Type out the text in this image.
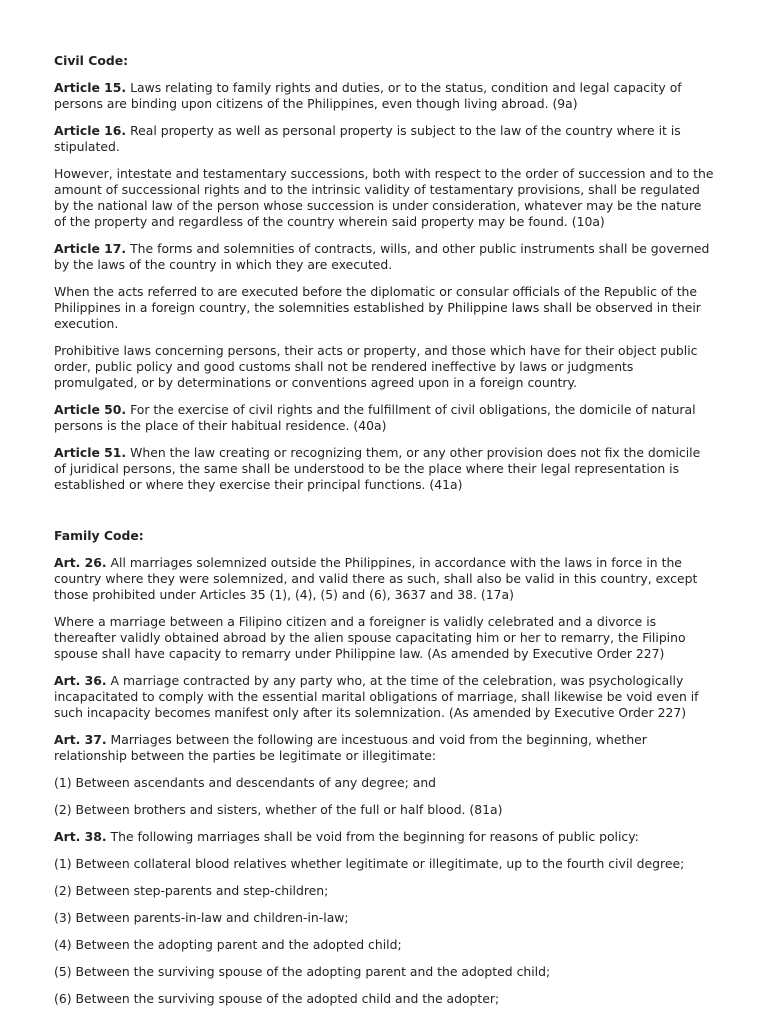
Civil Code:

Article 15. Laws relating to family rights and duties, or to the status, condition and legal capacity of persons are binding upon citizens of the Philippines, even though living abroad. (9a)

Article 16. Real property as well as personal property is subject to the law of the country where it is stipulated.

However, intestate and testamentary successions, both with respect to the order of succession and to the amount of successional rights and to the intrinsic validity of testamentary provisions, shall be regulated by the national law of the person whose succession is under consideration, whatever may be the nature of the property and regardless of the country wherein said property may be found. (10a)

Article 17. The forms and solemnities of contracts, wills, and other public instruments shall be governed by the laws of the country in which they are executed.

When the acts referred to are executed before the diplomatic or consular officials of the Republic of the Philippines in a foreign country, the solemnities established by Philippine laws shall be observed in their execution.

Prohibitive laws concerning persons, their acts or property, and those which have for their object public order, public policy and good customs shall not be rendered ineffective by laws or judgments promulgated, or by determinations or conventions agreed upon in a foreign country.

Article 50. For the exercise of civil rights and the fulfillment of civil obligations, the domicile of natural persons is the place of their habitual residence. (40a)

Article 51. When the law creating or recognizing them, or any other provision does not fix the domicile of juridical persons, the same shall be understood to be the place where their legal representation is established or where they exercise their principal functions. (41a)

Family Code:

Art. 26. All marriages solemnized outside the Philippines, in accordance with the laws in force in the country where they were solemnized, and valid there as such, shall also be valid in this country, except those prohibited under Articles 35 (1), (4), (5) and (6), 3637 and 38. (17a)

Where a marriage between a Filipino citizen and a foreigner is validly celebrated and a divorce is thereafter validly obtained abroad by the alien spouse capacitating him or her to remarry, the Filipino spouse shall have capacity to remarry under Philippine law. (As amended by Executive Order 227)

Art. 36. A marriage contracted by any party who, at the time of the celebration, was psychologically incapacitated to comply with the essential marital obligations of marriage, shall likewise be void even if such incapacity becomes manifest only after its solemnization. (As amended by Executive Order 227)

Art. 37. Marriages between the following are incestuous and void from the beginning, whether relationship between the parties be legitimate or illegitimate:

(1) Between ascendants and descendants of any degree; and

(2) Between brothers and sisters, whether of the full or half blood. (81a)

Art. 38. The following marriages shall be void from the beginning for reasons of public policy:

(1) Between collateral blood relatives whether legitimate or illegitimate, up to the fourth civil degree;

(2) Between step-parents and step-children;

(3) Between parents-in-law and children-in-law;

(4) Between the adopting parent and the adopted child;

(5) Between the surviving spouse of the adopting parent and the adopted child;

(6) Between the surviving spouse of the adopted child and the adopter;
